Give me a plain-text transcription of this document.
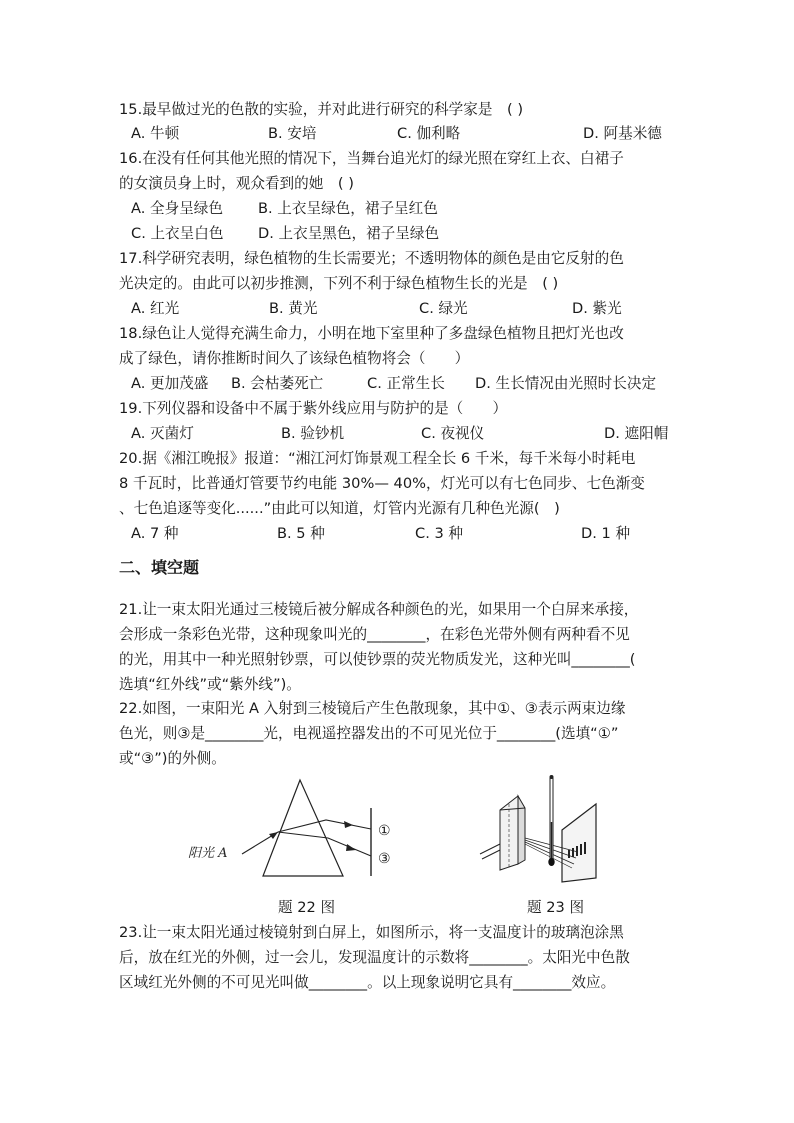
15.最早做过光的色散的实验，并对此进行研究的科学家是　( )
A. 牛顿	B. 安培	C. 伽利略	D. 阿基米德
16.在没有任何其他光照的情况下，当舞台追光灯的绿光照在穿红上衣、白裙子
的女演员身上时，观众看到的她　( )
A. 全身呈绿色 B. 上衣呈绿色，裙子呈红色
C. 上衣呈白色 D. 上衣呈黑色，裙子呈绿色
17.科学研究表明，绿色植物的生长需要光；不透明物体的颜色是由它反射的色
光决定的。由此可以初步推测，下列不利于绿色植物生长的光是　( )
A. 红光	B. 黄光	C. 绿光	D. 紫光
18.绿色让人觉得充满生命力，小明在地下室里种了多盘绿色植物且把灯光也改
成了绿色，请你推断时间久了该绿色植物将会（　　）
A. 更加茂盛 B. 会枯萎死亡	C. 正常生长 D. 生长情况由光照时长决定
19.下列仪器和设备中不属于紫外线应用与防护的是（　　）
A. 灭菌灯	B. 验钞机	C. 夜视仪	D. 遮阳帽
20.据《湘江晚报》报道：“湘江河灯饰景观工程全长 6 千米，每千米每小时耗电
8 千瓦时，比普通灯管要节约电能 30%— 40%，灯光可以有七色同步、七色渐变
、七色追逐等变化......”由此可以知道，灯管内光源有几种色光源(　)
A. 7 种	B. 5 种	C. 3 种	D. 1 种
二、填空题
21.让一束太阳光通过三棱镜后被分解成各种颜色的光，如果用一个白屏来承接，
会形成一条彩色光带，这种现象叫光的________，在彩色光带外侧有两种看不见
的光，用其中一种光照射钞票，可以使钞票的荧光物质发光，这种光叫________(
选填“红外线”或“紫外线”)。
22.如图，一束阳光 A 入射到三棱镜后产生色散现象，其中①、③表示两束边缘
色光，则③是________光，电视遥控器发出的不可见光位于________(选填“①”
或“③”)的外侧。
阳光 A
①
③
题 22 图	题 23 图
23.让一束太阳光通过棱镜射到白屏上，如图所示，将一支温度计的玻璃泡涂黑
后，放在红光的外侧，过一会儿，发现温度计的示数将________。太阳光中色散
区域红光外侧的不可见光叫做________。以上现象说明它具有________效应。
